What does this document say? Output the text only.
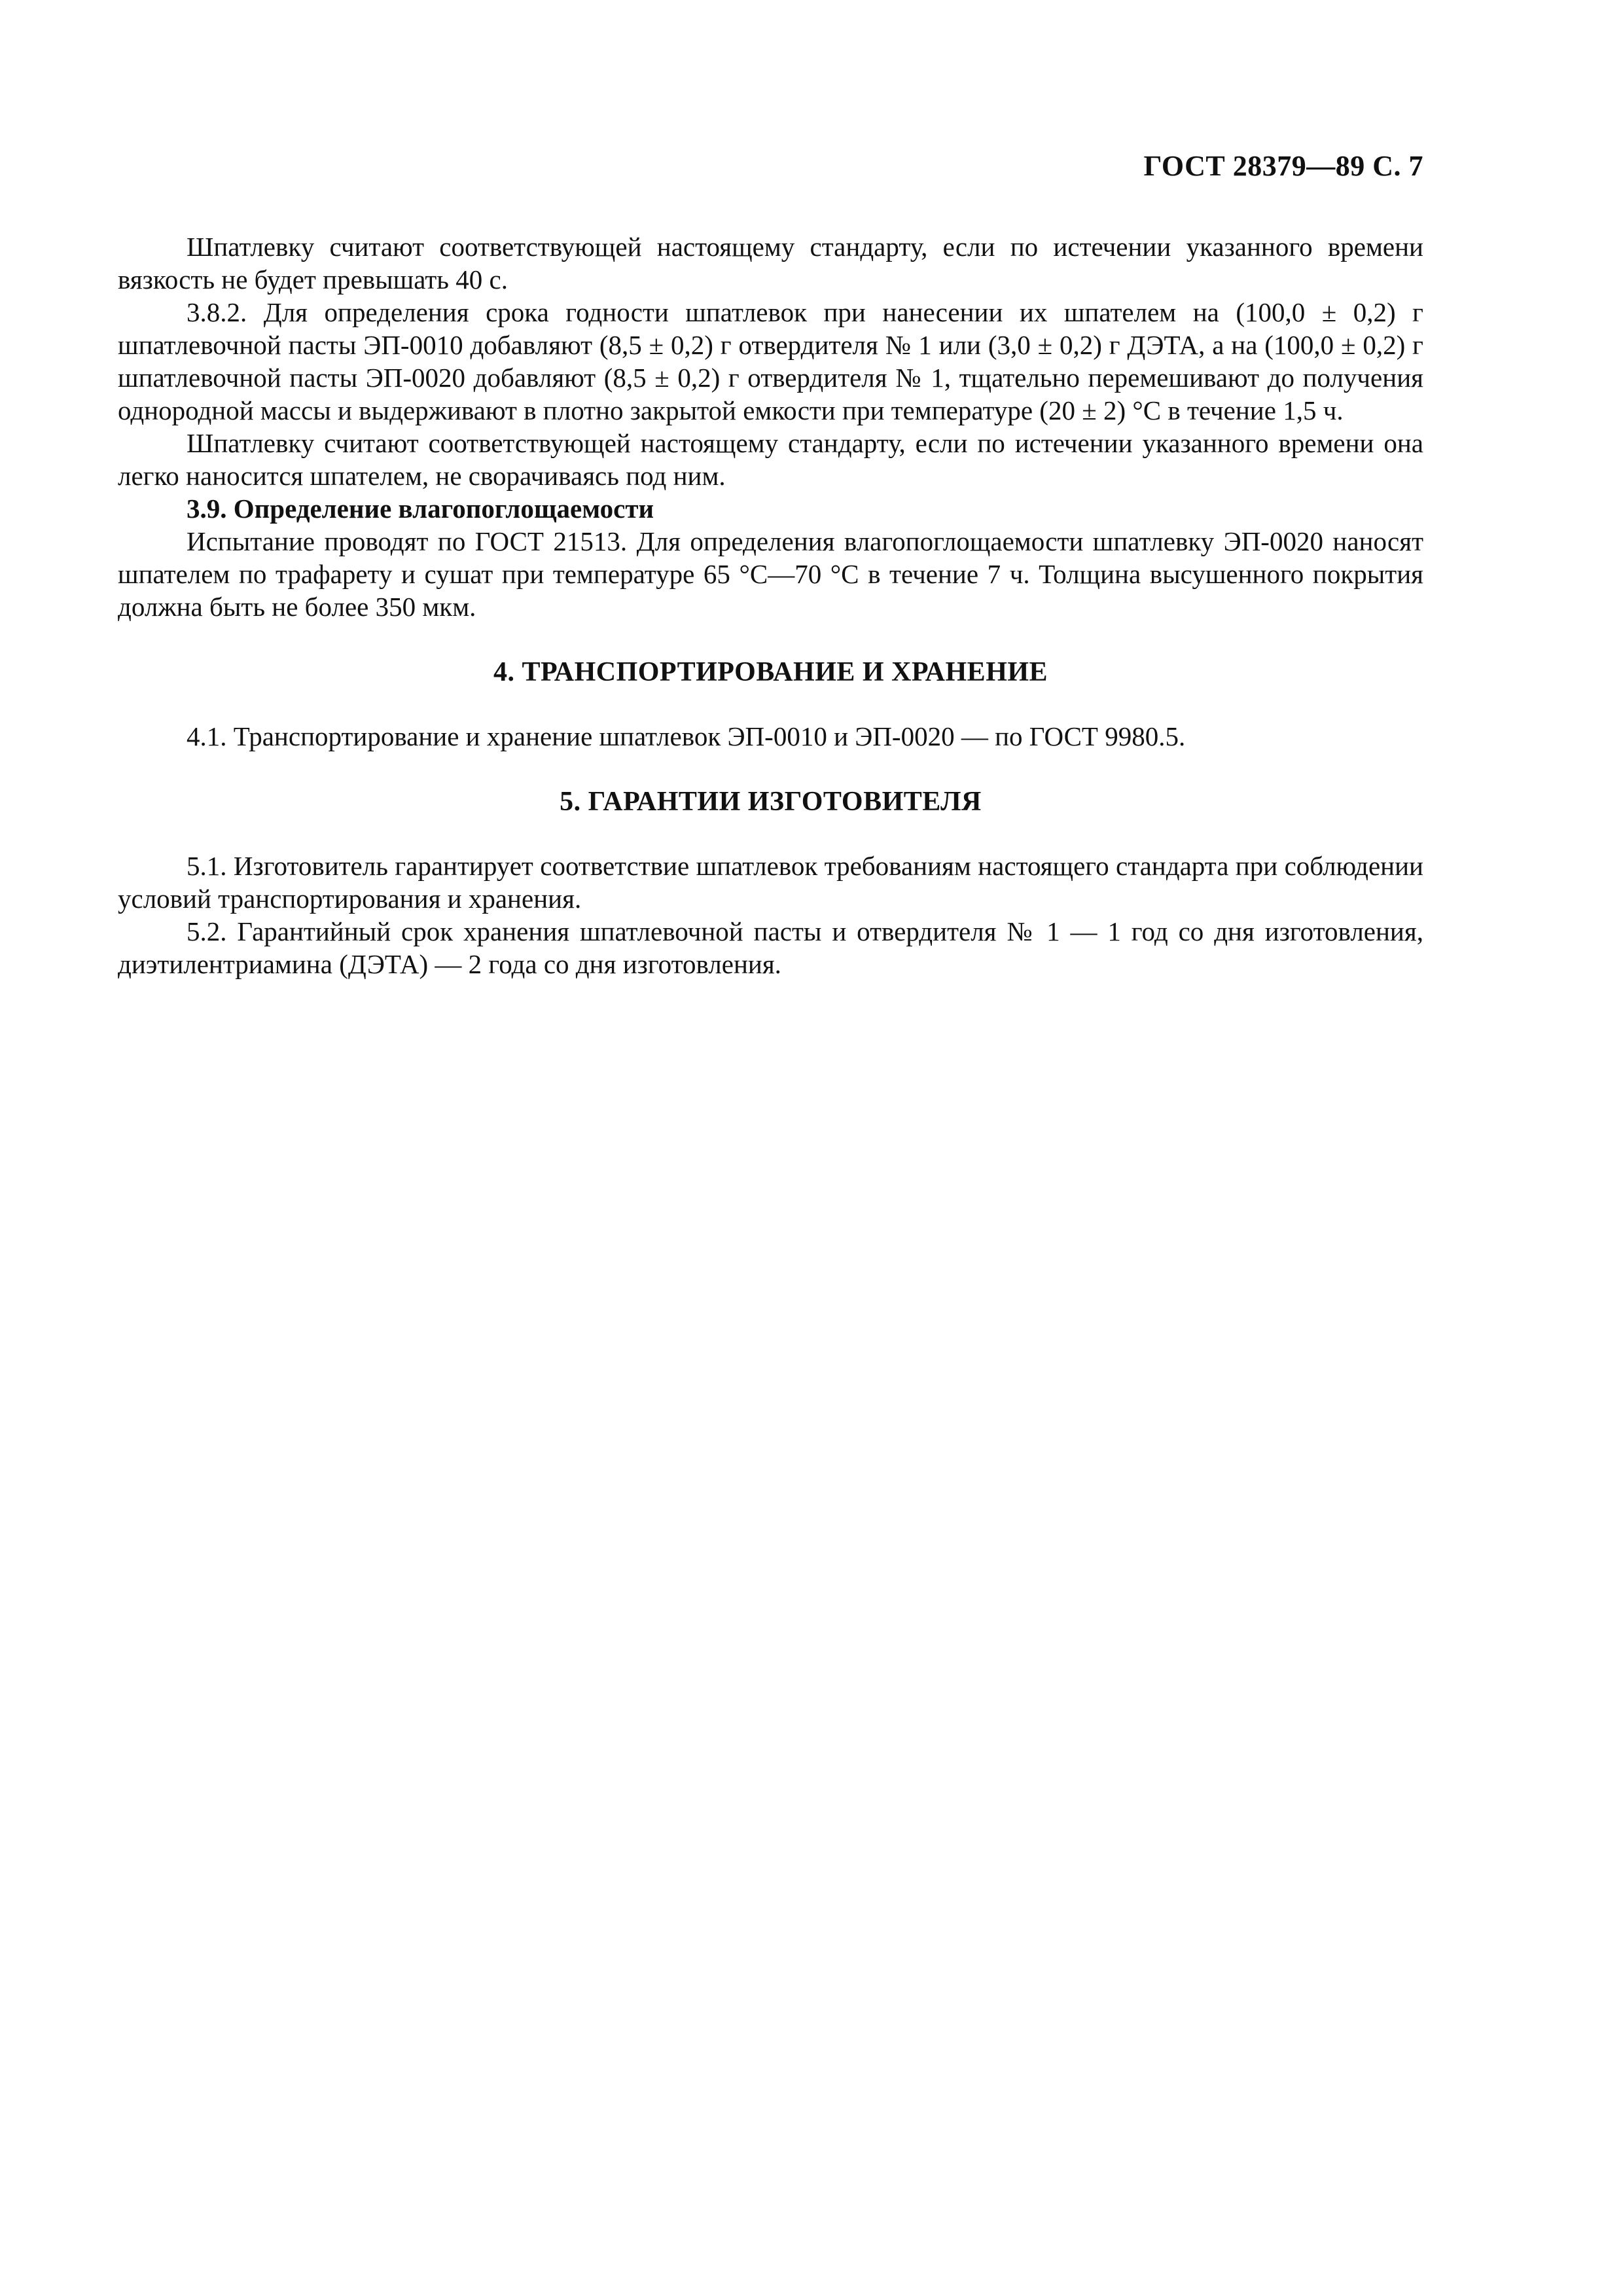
ГОСТ 28379—89 С. 7

Шпатлевку считают соответствующей настоящему стандарту, если по истечении указанного времени вязкость не будет превышать 40 с.

3.8.2. Для определения срока годности шпатлевок при нанесении их шпателем на (100,0 ± 0,2) г шпатлевочной пасты ЭП-0010 добавляют (8,5 ± 0,2) г отвердителя № 1 или (3,0 ± 0,2) г ДЭТА, а на (100,0 ± 0,2) г шпатлевочной пасты ЭП-0020 добавляют (8,5 ± 0,2) г отвердителя № 1, тщательно перемешивают до получения однородной массы и выдерживают в плотно закрытой емкости при температуре (20 ± 2) °С в течение 1,5 ч.

Шпатлевку считают соответствующей настоящему стандарту, если по истечении указанного времени она легко наносится шпателем, не сворачиваясь под ним.

3.9. Определение влагопоглощаемости

Испытание проводят по ГОСТ 21513. Для определения влагопоглощаемости шпатлевку ЭП-0020 наносят шпателем по трафарету и сушат при температуре 65 °С—70 °С в течение 7 ч. Толщина высушенного покрытия должна быть не более 350 мкм.

4. ТРАНСПОРТИРОВАНИЕ И ХРАНЕНИЕ

4.1. Транспортирование и хранение шпатлевок ЭП-0010 и ЭП-0020 — по ГОСТ 9980.5.

5. ГАРАНТИИ ИЗГОТОВИТЕЛЯ

5.1. Изготовитель гарантирует соответствие шпатлевок требованиям настоящего стандарта при соблюдении условий транспортирования и хранения.

5.2. Гарантийный срок хранения шпатлевочной пасты и отвердителя № 1 — 1 год со дня изготовления, диэтилентриамина (ДЭТА) — 2 года со дня изготовления.
